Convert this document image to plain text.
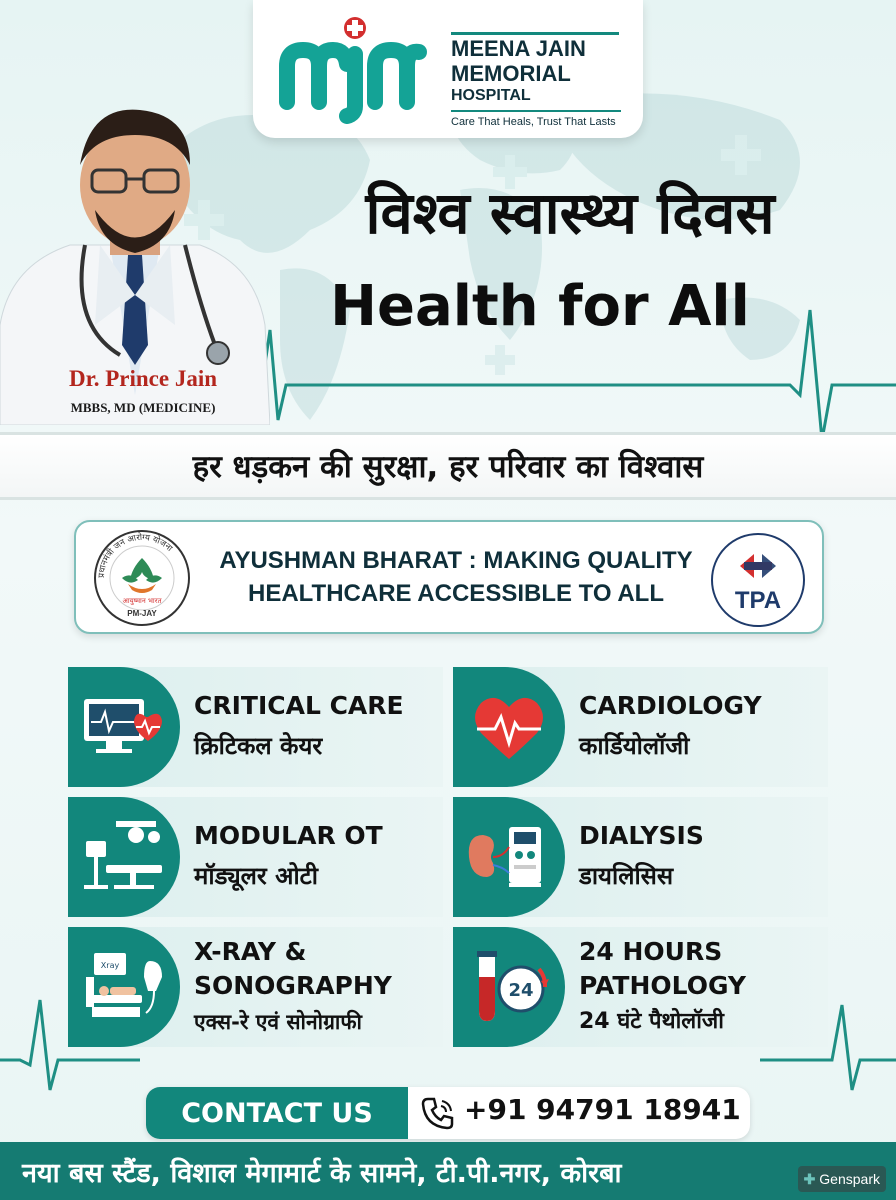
MEENA JAIN
MEMORIAL
HOSPITAL
Care That Heals, Trust That Lasts
Dr. Prince Jain
MBBS, MD (MEDICINE)
विश्व स्वास्थ्य दिवस
Health for All
हर धड़कन की सुरक्षा, हर परिवार का विश्वास
प्रधानमंत्री जन आरोग्य योजना
आयुष्मान भारत
PM-JAY
AYUSHMAN BHARAT : MAKING QUALITY
HEALTHCARE ACCESSIBLE TO ALL	TPA
CRITICAL CARE
क्रिटिकल केयर
CARDIOLOGY
कार्डियोलॉजी
MODULAR OT
मॉड्यूलर ओटी
DIALYSIS
डायलिसिस
Xray	X-RAY &
SONOGRAPHY
एक्स-रे एवं सोनोग्राफी
24
24 HOURS
PATHOLOGY
24 घंटे पैथोलॉजी
CONTACT US	+91 94791 18941
नया बस स्टैंड, विशाल मेगामार्ट के सामने, टी.पी.नगर, कोरबा	✚ Genspark
